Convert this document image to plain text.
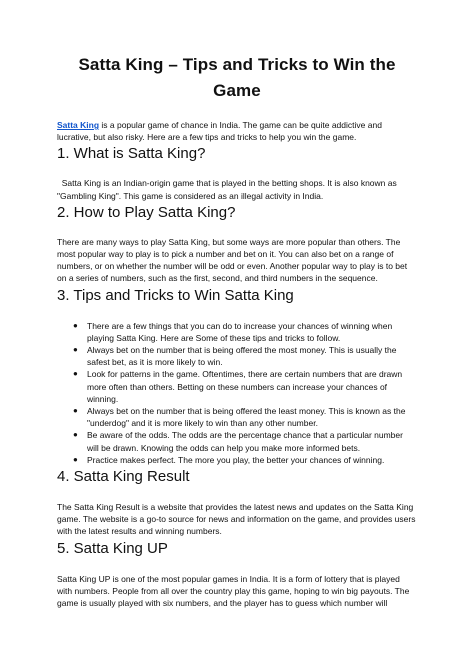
Satta King – Tips and Tricks to Win the Game

Satta King is a popular game of chance in India. The game can be quite addictive and lucrative, but also risky. Here are a few tips and tricks to help you win the game.

1. What is Satta King?

Satta King is an Indian-origin game that is played in the betting shops. It is also known as "Gambling King". This game is considered as an illegal activity in India.

2. How to Play Satta King?

There are many ways to play Satta King, but some ways are more popular than others. The most popular way to play is to pick a number and bet on it. You can also bet on a range of numbers, or on whether the number will be odd or even. Another popular way to play is to bet on a series of numbers, such as the first, second, and third numbers in the sequence.

3. Tips and Tricks to Win Satta King
● There are a few things that you can do to increase your chances of winning when playing Satta King. Here are Some of these tips and tricks to follow.
● Always bet on the number that is being offered the most money. This is usually the safest bet, as it is more likely to win.
● Look for patterns in the game. Oftentimes, there are certain numbers that are drawn more often than others. Betting on these numbers can increase your chances of winning.
● Always bet on the number that is being offered the least money. This is known as the "underdog" and it is more likely to win than any other number.
● Be aware of the odds. The odds are the percentage chance that a particular number will be drawn. Knowing the odds can help you make more informed bets.
● Practice makes perfect. The more you play, the better your chances of winning.
4. Satta King Result

The Satta King Result is a website that provides the latest news and updates on the Satta King game. The website is a go-to source for news and information on the game, and provides users with the latest results and winning numbers.

5. Satta King UP

Satta King UP is one of the most popular games in India. It is a form of lottery that is played with numbers. People from all over the country play this game, hoping to win big payouts. The game is usually played with six numbers, and the player has to guess which number will
